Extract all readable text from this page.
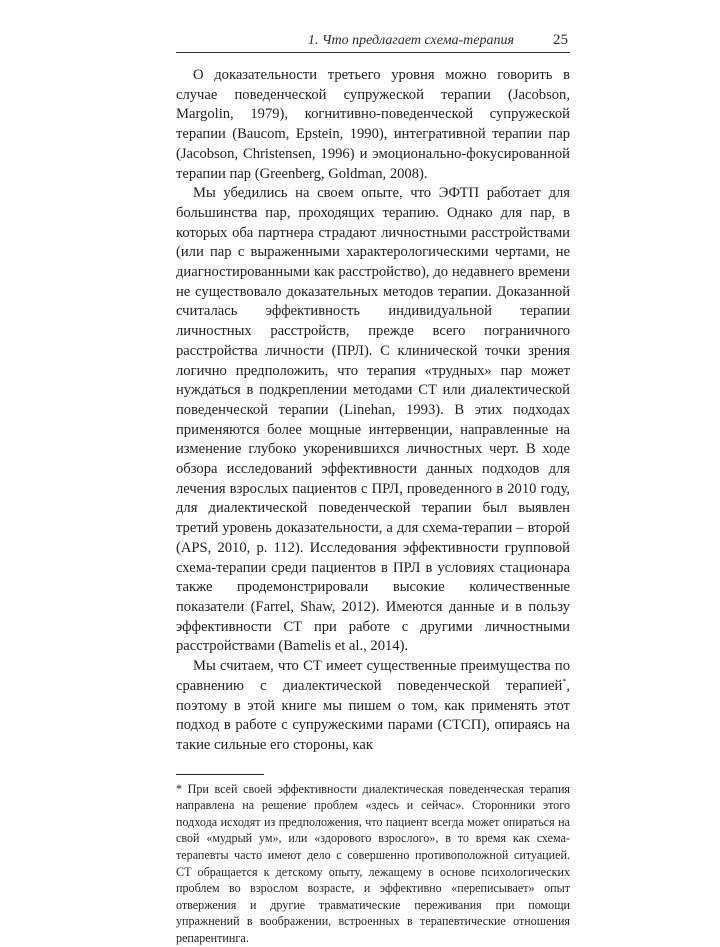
1. Что предлагает схема-терапия	25

О доказательности третьего уровня можно говорить в случае поведенческой супружеской терапии (Jacobson, Margolin, 1979), когнитивно-поведенческой супружеской терапии (Baucom, Epstein, 1990), интегративной терапии пар (Jacobson, Christensen, 1996) и эмоционально-фокусированной терапии пар (Greenberg, Goldman, 2008).

Мы убедились на своем опыте, что ЭФТП работает для большинства пар, проходящих терапию. Однако для пар, в которых оба партнера страдают личностными расстройствами (или пар с выраженными характерологическими чертами, не диагностированными как расстройство), до недавнего времени не существовало доказательных методов терапии. Доказанной считалась эффективность индивидуальной терапии личностных расстройств, прежде всего пограничного расстройства личности (ПРЛ). С клинической точки зрения логично предположить, что терапия «трудных» пар может нуждаться в подкреплении методами СТ или диалектической поведенческой терапии (Linehan, 1993). В этих подходах применяются более мощные интервенции, направленные на изменение глубоко укоренившихся личностных черт. В ходе обзора исследований эффективности данных подходов для лечения взрослых пациентов с ПРЛ, проведенного в 2010 году, для диалектической поведенческой терапии был выявлен третий уровень доказательности, а для схема-терапии – второй (APS, 2010, p. 112). Исследования эффективности групповой схема-терапии среди пациентов в ПРЛ в условиях стационара также продемонстрировали высокие количественные показатели (Farrel, Shaw, 2012). Имеются данные и в пользу эффективности СТ при работе с другими личностными расстройствами (Bamelis et al., 2014).

Мы считаем, что СТ имеет существенные преимущества по сравнению с диалектической поведенческой терапией*, поэтому в этой книге мы пишем о том, как применять этот подход в работе с супружескими парами (СТСП), опираясь на такие сильные его стороны, как

* При всей своей эффективности диалектическая поведенческая терапия направлена на решение проблем «здесь и сейчас». Сторонники этого подхода исходят из предположения, что пациент всегда может опираться на свой «мудрый ум», или «здорового взрослого», в то время как схема-терапевты часто имеют дело с совершенно противоположной ситуацией. СТ обращается к детскому опыту, лежащему в основе психологических проблем во взрослом возрасте, и эффективно «переписывает» опыт отвержения и другие травматические переживания при помощи упражнений в воображении, встроенных в терапевтические отношения репарентинга.
